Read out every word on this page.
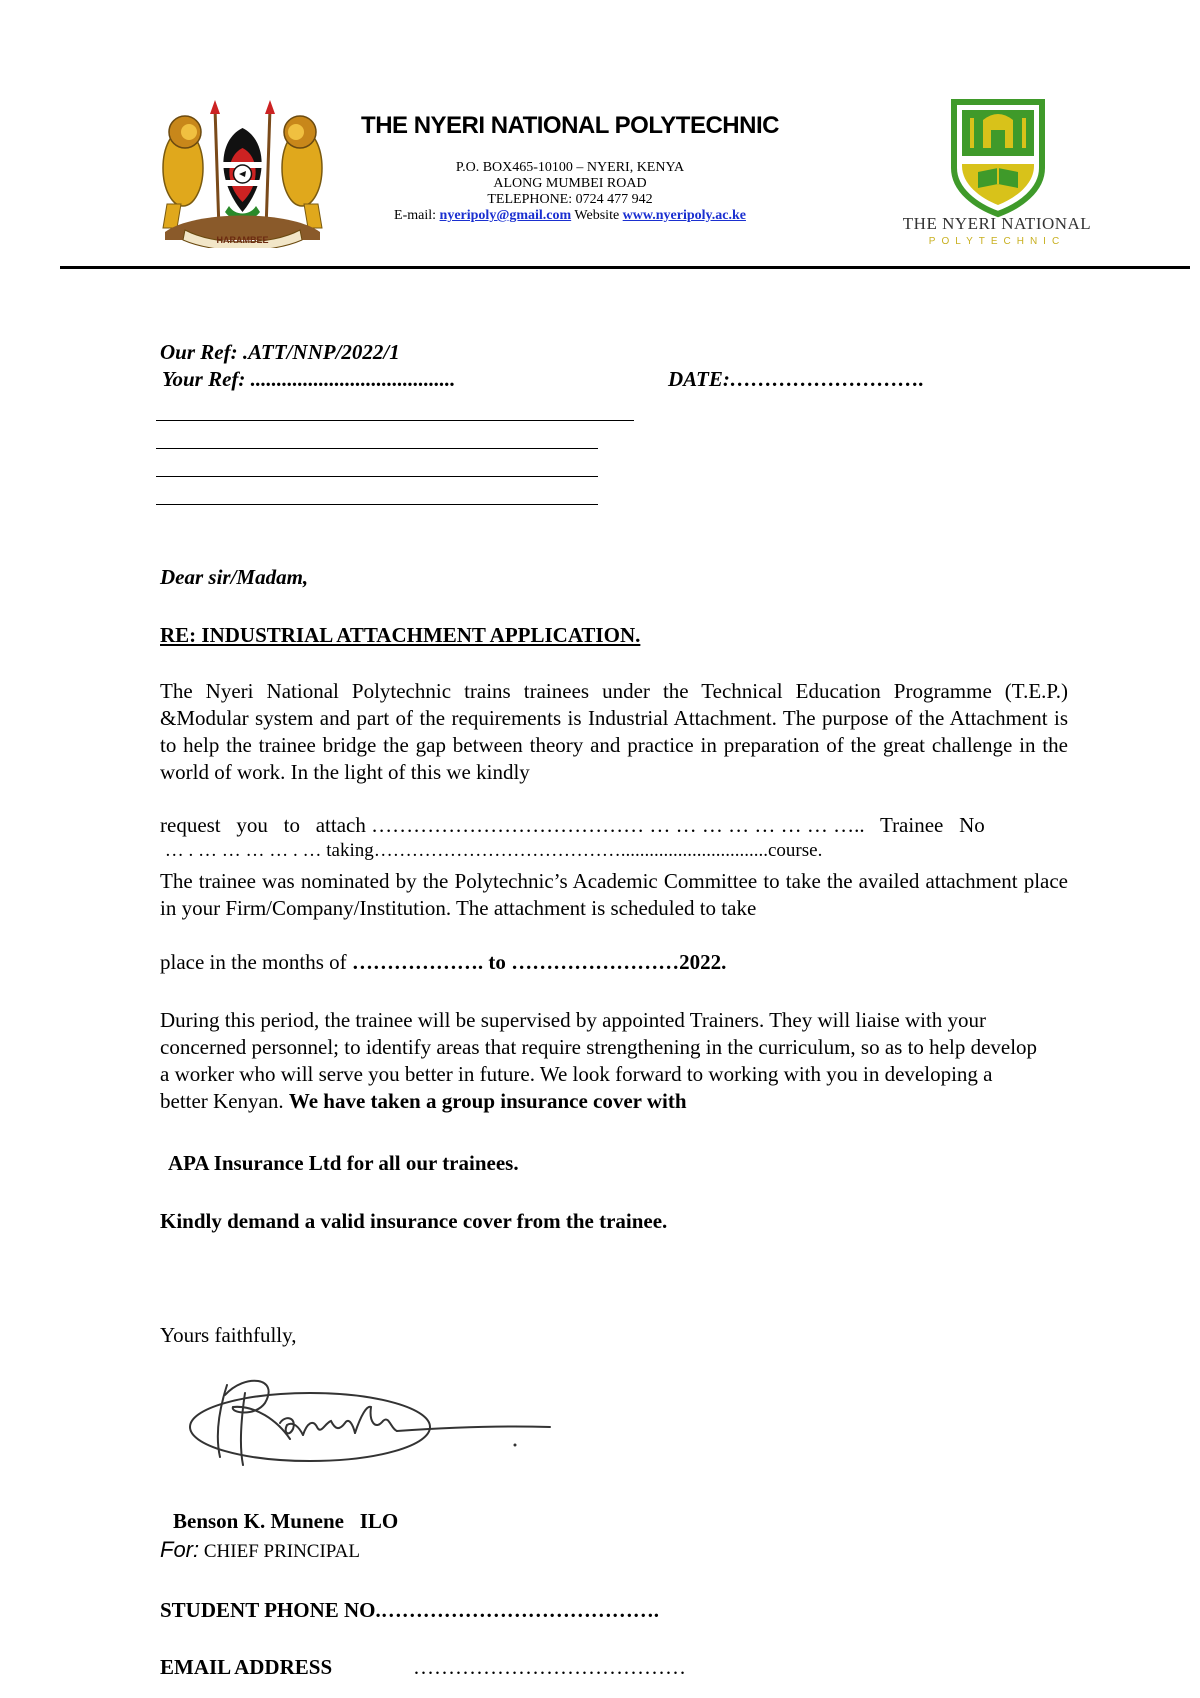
HARAMBEE
THE NYERI NATIONAL POLYTECHNIC
P.O. BOX465-10100 – NYERI, KENYA
ALONG MUMBEI ROAD
TELEPHONE: 0724 477 942
E-mail: nyeripoly@gmail.com Website www.nyeripoly.ac.ke	THE NYERI NATIONAL
POLYTECHNIC
Our Ref: .ATT/NNP/2022/1
Your Ref: .......................................	DATE:……………………….
Dear sir/Madam,
RE: INDUSTRIAL ATTACHMENT APPLICATION.
The Nyeri National Polytechnic trains trainees under the Technical Education Programme (T.E.P.) &Modular system and part of the requirements is Industrial Attachment. The purpose of the Attachment is to help the trainee bridge the gap between theory and practice in preparation of the great challenge in the world of work. In the light of this we kindly
request   you   to   attach ………………………………… … … … … … … … …..   Trainee   No
… . … … … … . … taking…………………………………...............................course.
The trainee was nominated by the Polytechnic’s Academic Committee to take the availed attachment place in your Firm/Company/Institution. The attachment is scheduled to take
place in the months of ………………. to ……………………2022.
During this period, the trainee will be supervised by appointed Trainers. They will liaise with your concerned personnel; to identify areas that require strengthening in the curriculum, so as to help develop a worker who will serve you better in future. We look forward to working with you in developing a better Kenyan. We have taken a group insurance cover with
APA Insurance Ltd for all our trainees.
Kindly demand a valid insurance cover from the trainee.
Yours faithfully,
Benson K. Munene   ILO
For: CHIEF PRINCIPAL
STUDENT PHONE NO.………………………………….
EMAIL ADDRESS	…………………………………
